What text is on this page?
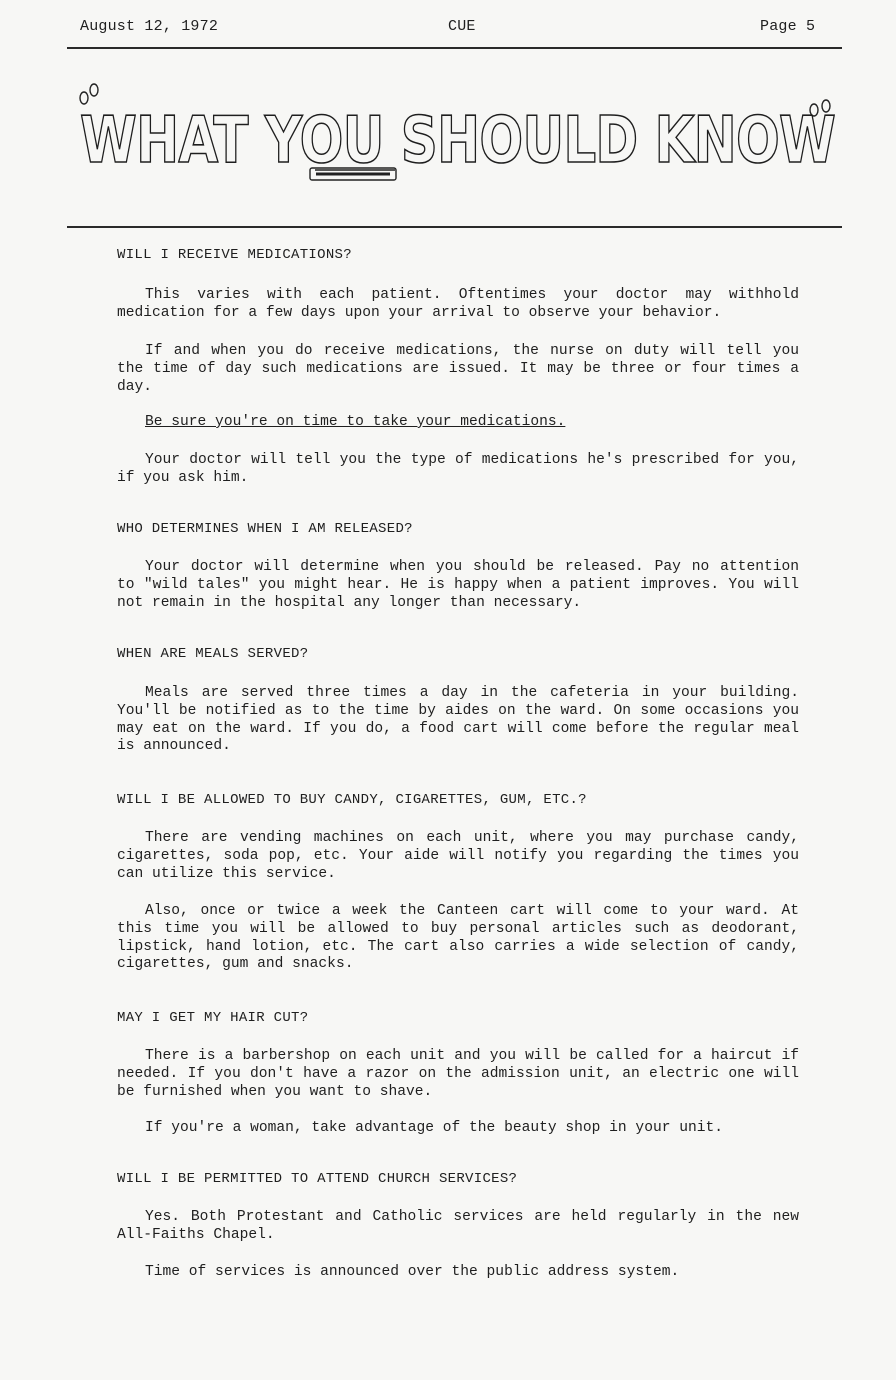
August 12, 1972	CUE	Page 5
WHAT YOU SHOULD KNOW
WILL I RECEIVE MEDICATIONS?
This varies with each patient. Oftentimes your doctor may withhold medication for a few days upon your arrival to observe your behavior.
If and when you do receive medications, the nurse on duty will tell you the time of day such medications are issued. It may be three or four times a day.
Be sure you're on time to take your medications.
Your doctor will tell you the type of medications he's prescribed for you, if you ask him.
WHO DETERMINES WHEN I AM RELEASED?
Your doctor will determine when you should be released. Pay no attention to "wild tales" you might hear. He is happy when a patient improves. You will not remain in the hospital any longer than necessary.
WHEN ARE MEALS SERVED?
Meals are served three times a day in the cafeteria in your building. You'll be notified as to the time by aides on the ward. On some occasions you may eat on the ward. If you do, a food cart will come before the regular meal is announced.
WILL I BE ALLOWED TO BUY CANDY, CIGARETTES, GUM, ETC.?
There are vending machines on each unit, where you may purchase candy, cigarettes, soda pop, etc. Your aide will notify you regarding the times you can utilize this service.
Also, once or twice a week the Canteen cart will come to your ward. At this time you will be allowed to buy personal articles such as deodorant, lipstick, hand lotion, etc. The cart also carries a wide selection of candy, cigarettes, gum and snacks.
MAY I GET MY HAIR CUT?
There is a barbershop on each unit and you will be called for a haircut if needed. If you don't have a razor on the admission unit, an electric one will be furnished when you want to shave.
If you're a woman, take advantage of the beauty shop in your unit.
WILL I BE PERMITTED TO ATTEND CHURCH SERVICES?
Yes. Both Protestant and Catholic services are held regularly in the new All-Faiths Chapel.
Time of services is announced over the public address system.
